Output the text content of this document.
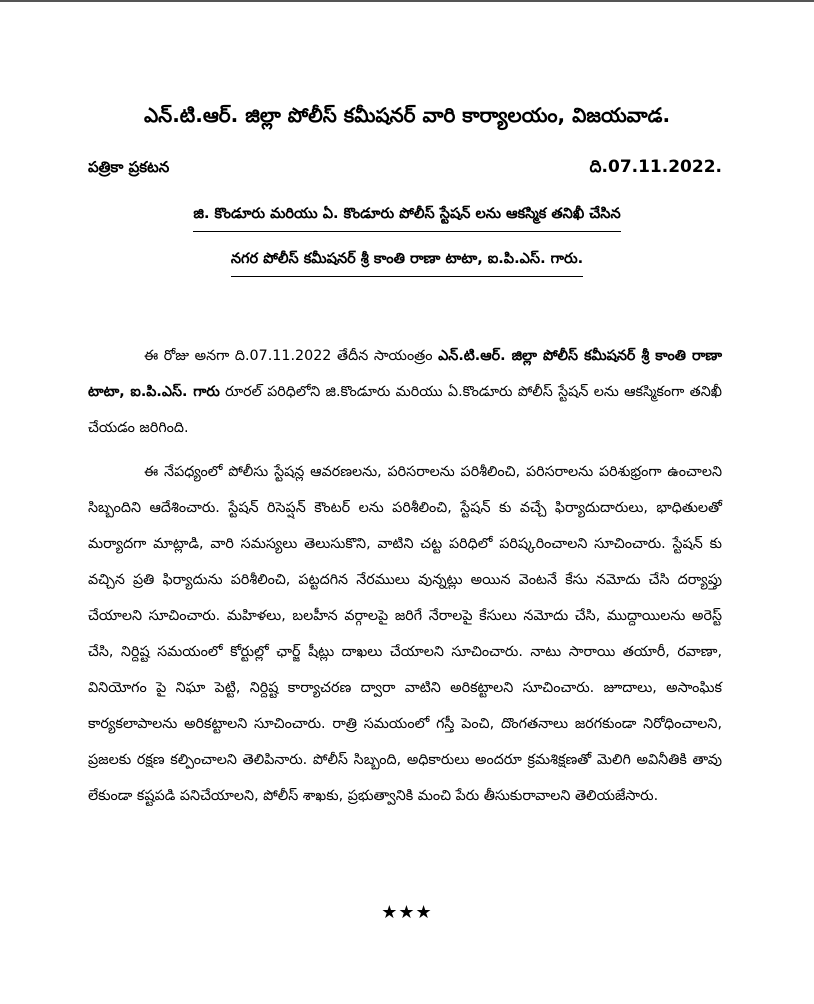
ఎన్.టి.ఆర్. జిల్లా పోలీస్ కమీషనర్ వారి కార్యాలయం, విజయవాడ.
పత్రికా ప్రకటన	ది.07.11.2022.
జి. కొండూరు మరియు ఏ. కొండూరు పోలీస్ స్టేషన్ లను ఆకస్మిక తనిఖీ చేసిన
నగర పోలీస్ కమీషనర్ శ్రీ కాంతి రాణా టాటా, ఐ.పి.ఎస్. గారు.

ఈ రోజు అనగా ది.07.11.2022 తేదీన సాయంత్రం ఎన్.టి.ఆర్. జిల్లా పోలీస్ కమీషనర్ శ్రీ కాంతి రాణా టాటా, ఐ.పి.ఎస్. గారు రూరల్ పరిధిలోని జి.కొండూరు మరియు ఏ.కొండూరు పోలీస్ స్టేషన్ లను ఆకస్మికంగా తనిఖీ చేయడం జరిగింది.

ఈ నేపధ్యంలో పోలీసు స్టేషన్ల ఆవరణలను, పరిసరాలను పరిశీలించి, పరిసరాలను పరిశుభ్రంగా ఉంచాలని సిబ్బందిని ఆదేశించారు. స్టేషన్ రిసెప్షన్ కౌంటర్ లను పరిశీలించి, స్టేషన్ కు వచ్చే ఫిర్యాదుదారులు, భాధితులతో మర్యాదగా మాట్లాడి, వారి సమస్యలు తెలుసుకొని, వాటిని చట్ట పరిధిలో పరిష్కరించాలని సూచించారు. స్టేషన్ కు వచ్చిన ప్రతి ఫిర్యాదును పరిశీలించి, పట్టదగిన నేరములు వున్నట్లు అయిన వెంటనే కేసు నమోదు చేసి దర్యాప్తు చేయాలని సూచించారు. మహిళలు, బలహీన వర్గాలపై జరిగే నేరాలపై కేసులు నమోదు చేసి, ముద్దాయిలను అరెస్ట్ చేసి, నిర్దిష్ట సమయంలో కోర్టుల్లో ఛార్జ్ షీట్లు దాఖలు చేయాలని సూచించారు. నాటు సారాయి తయారీ, రవాణా, వినియోగం పై నిఘా పెట్టి, నిర్దిష్ట కార్యాచరణ ద్వారా వాటిని అరికట్టాలని సూచించారు. జూదాలు, అసాంఘిక కార్యకలాపాలను అరికట్టాలని సూచించారు. రాత్రి సమయంలో గస్తీ పెంచి, దొంగతనాలు జరగకుండా నిరోధించాలని, ప్రజలకు రక్షణ కల్పించాలని తెలిపినారు. పోలీస్ సిబ్బంది, అధికారులు అందరూ క్రమశిక్షణతో మెలిగి అవినీతికి తావు లేకుండా కష్టపడి పనిచేయాలని, పోలీస్ శాఖకు, ప్రభుత్వానికి మంచి పేరు తీసుకురావాలని తెలియజేసారు.

★★★
